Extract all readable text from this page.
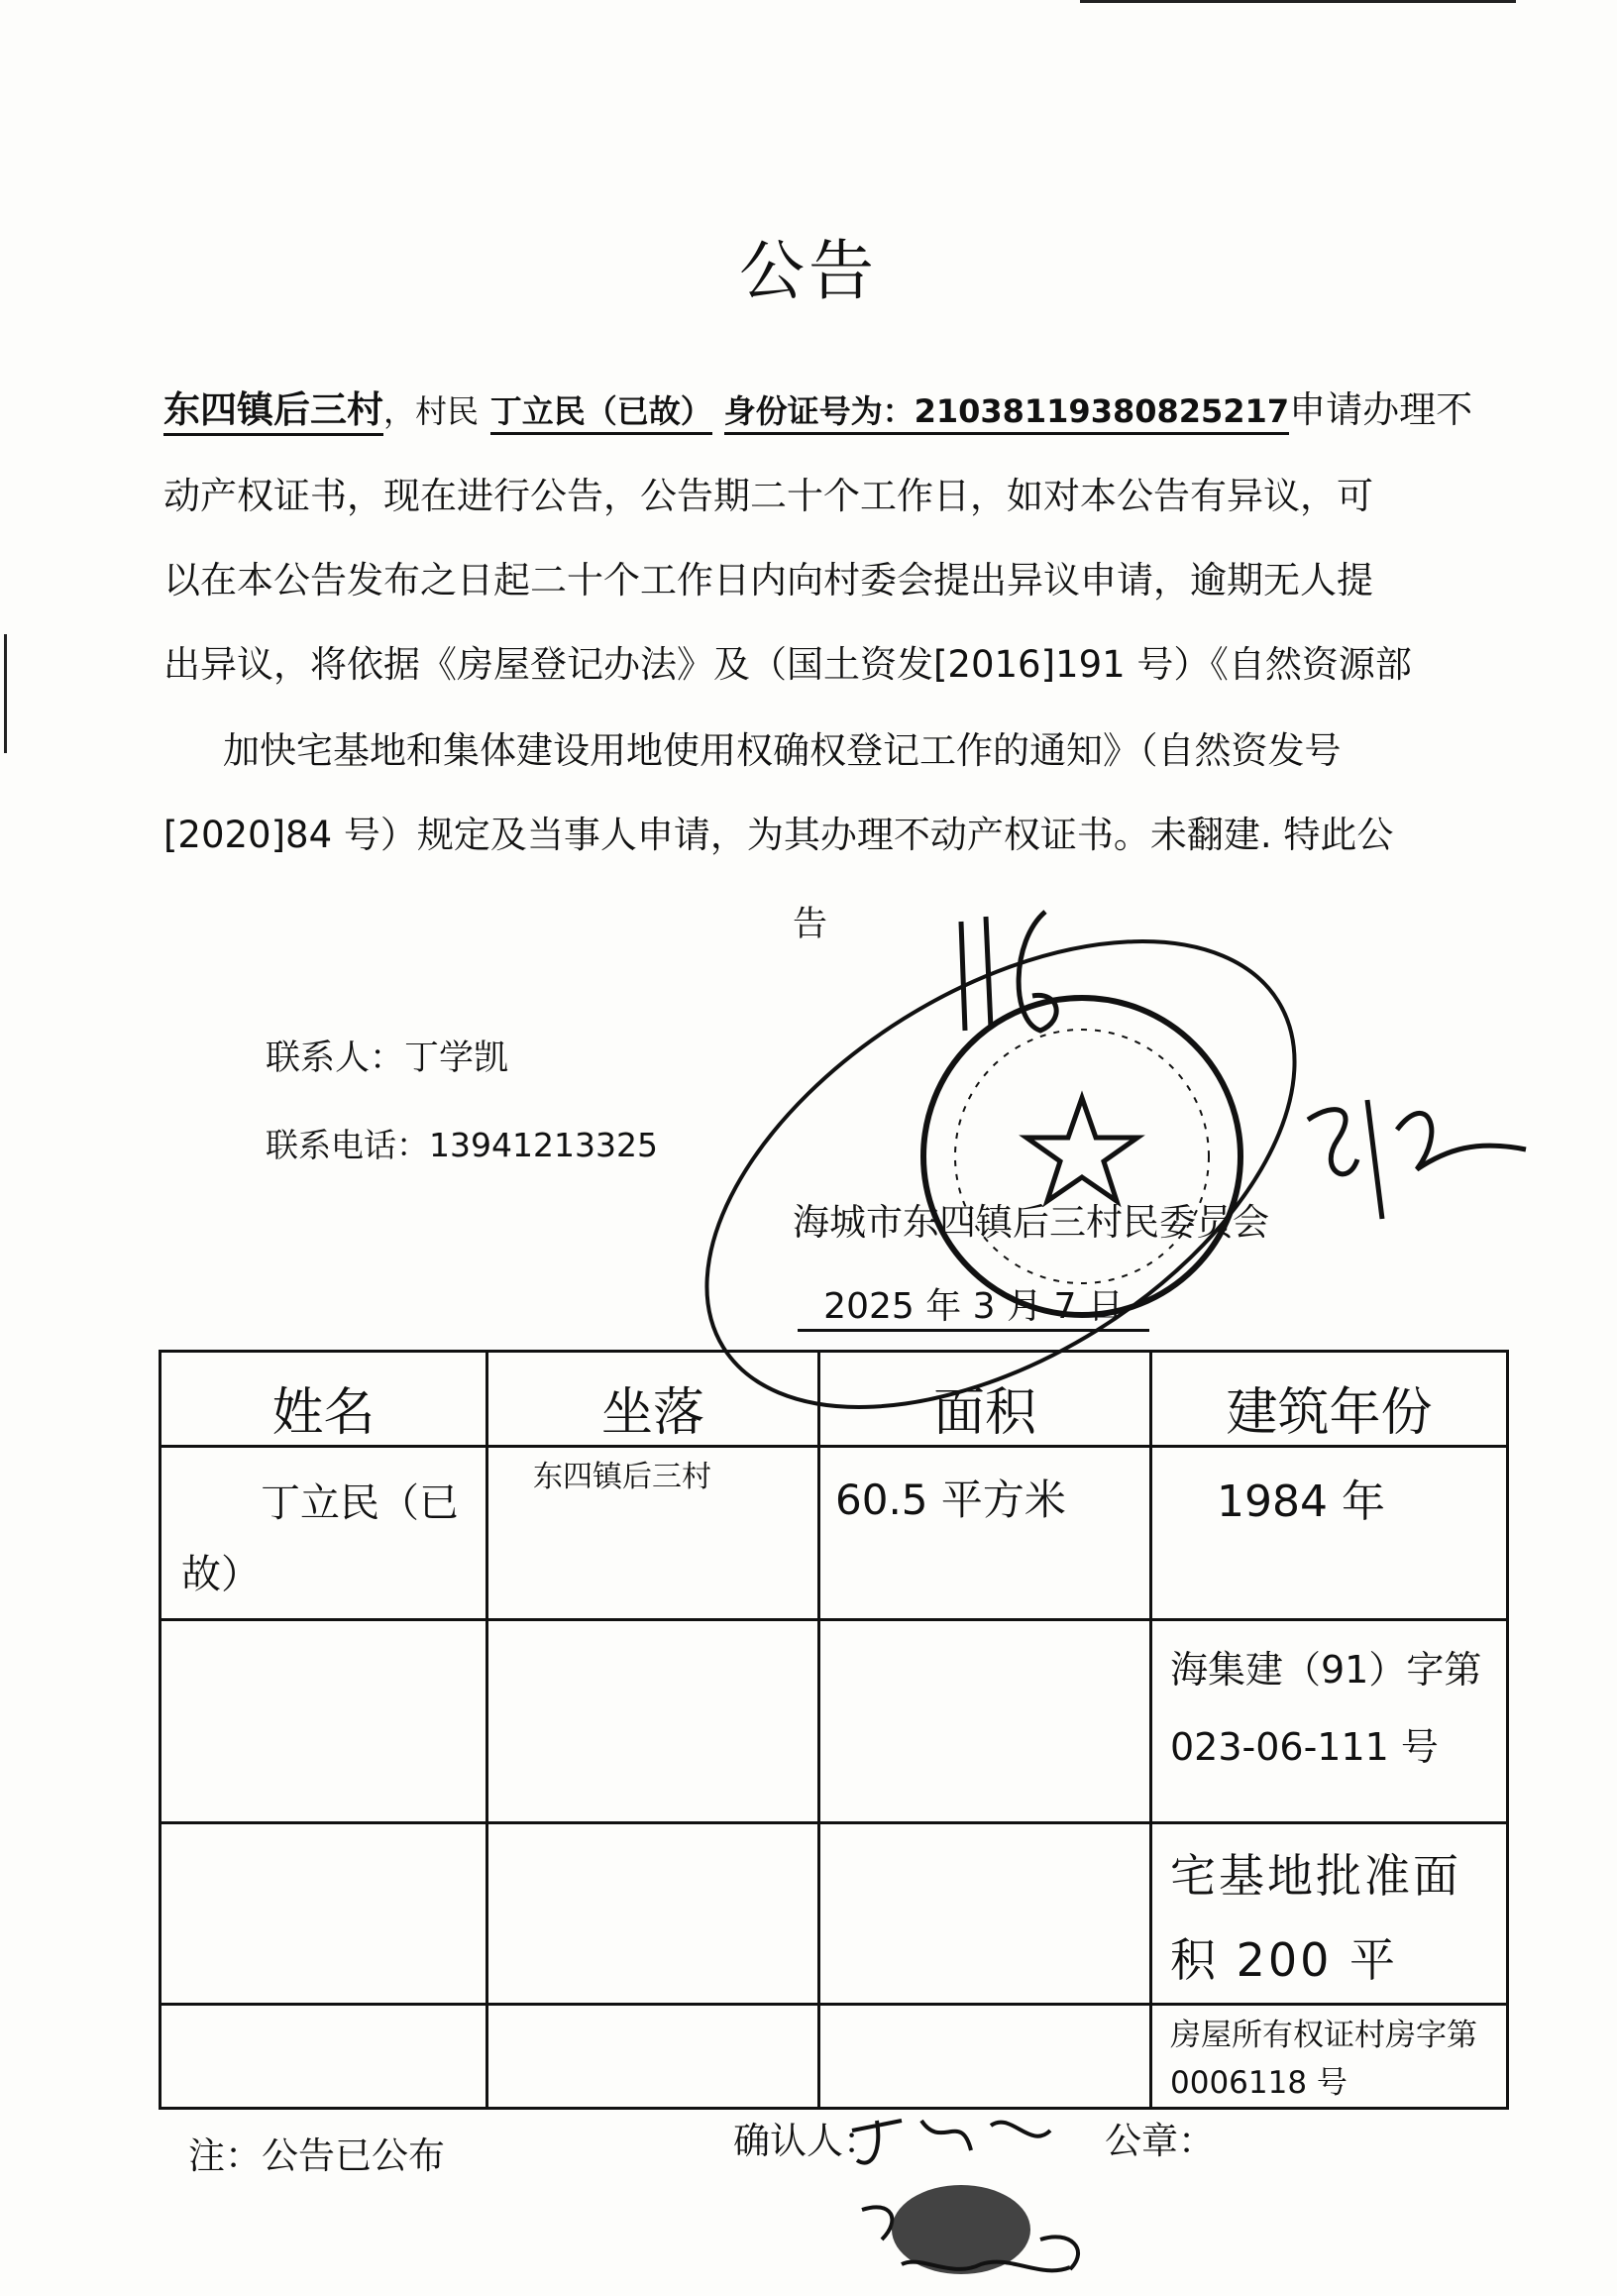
公告
东四镇后三村，村民 丁立民（已故） 身份证号为：210381193808252​17申请办理不
动产权证书，现在进行公告，公告期二十个工作日，如对本公告有异议，可
以在本公告发布之日起二十个工作日内向村委会提出异议申请，逾期无人提
出异议，将依据《房屋登记办法》及（国土资发[2016]191 号）《自然资源部
加快宅基地和集体建设用地使用权确权登记工作的通知》（自然资发号
[2020]84 号）规定及当事人申请，为其办理不动产权证书。未翻建. 特此公
告
联系人：丁学凯
联系电话：13941213325
海城市东四镇后三村民委员会
2025 年 3 月 7 日
姓名	坐落	面积	建筑年份
丁立民（已故）	东四镇后三村	60.5 平方米	1984 年
			海集建（91）字第 023-06-111 号
			宅基地批准面积 200 平
			房屋所有权证村房字第 0006118 号
注：公告已公布	确认人：	公章：
